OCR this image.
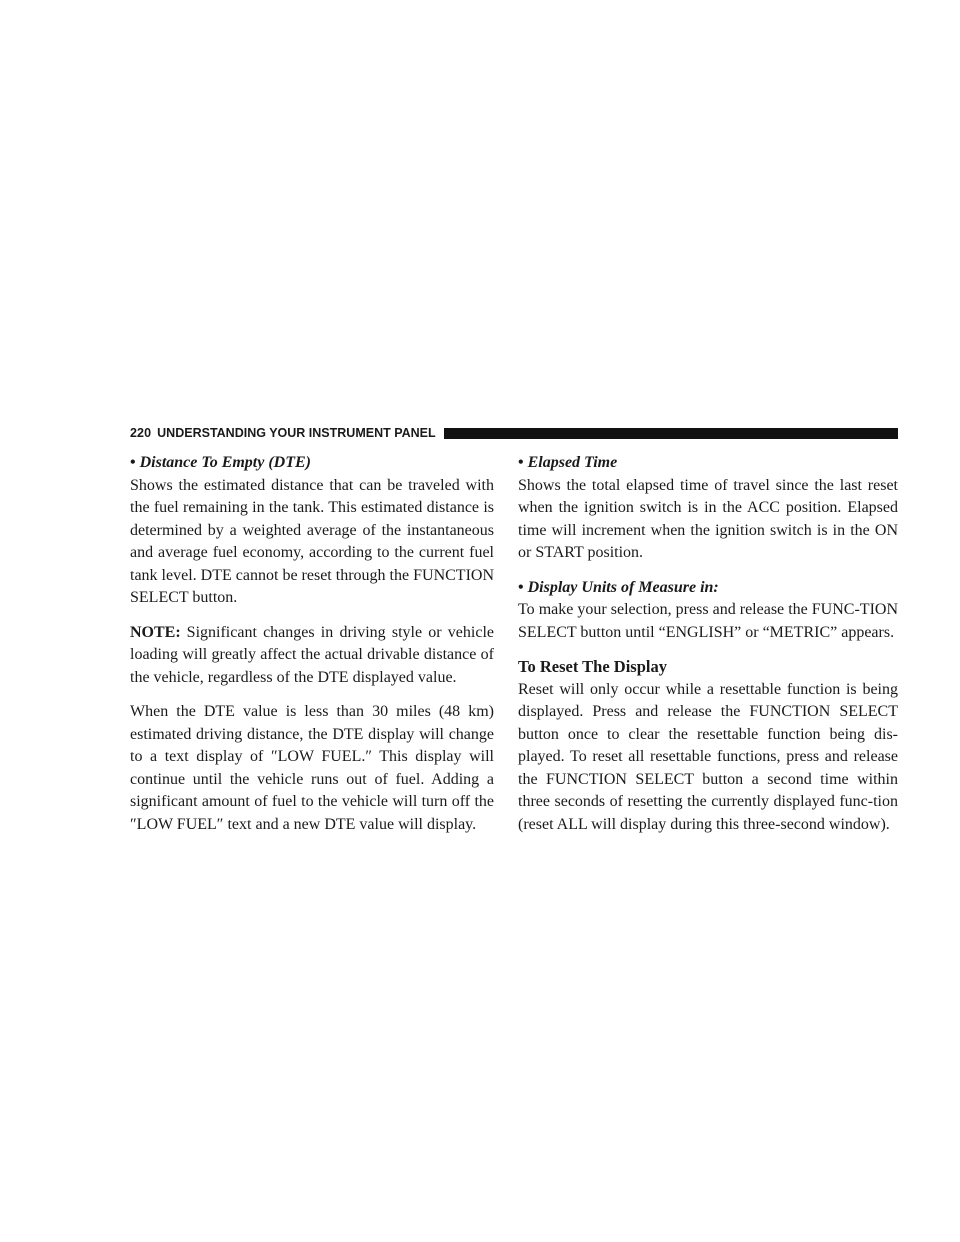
220 UNDERSTANDING YOUR INSTRUMENT PANEL
• Distance To Empty (DTE)

Shows the estimated distance that can be traveled with the fuel remaining in the tank. This estimated distance is determined by a weighted average of the instantaneous and average fuel economy, according to the current fuel tank level. DTE cannot be reset through the FUNCTION SELECT button.

NOTE: Significant changes in driving style or vehicle loading will greatly affect the actual drivable distance of the vehicle, regardless of the DTE displayed value.

When the DTE value is less than 30 miles (48 km) estimated driving distance, the DTE display will change to a text display of ″LOW FUEL.″ This display will continue until the vehicle runs out of fuel. Adding a significant amount of fuel to the vehicle will turn off the ″LOW FUEL″ text and a new DTE value will display.

• Elapsed Time

Shows the total elapsed time of travel since the last reset when the ignition switch is in the ACC position. Elapsed time will increment when the ignition switch is in the ON or START position.

• Display Units of Measure in:

To make your selection, press and release the FUNC-TION SELECT button until “ENGLISH” or “METRIC” appears.

To Reset The Display

Reset will only occur while a resettable function is being displayed. Press and release the FUNCTION SELECT button once to clear the resettable function being dis-played. To reset all resettable functions, press and release the FUNCTION SELECT button a second time within three seconds of resetting the currently displayed func-tion (reset ALL will display during this three-second window).
